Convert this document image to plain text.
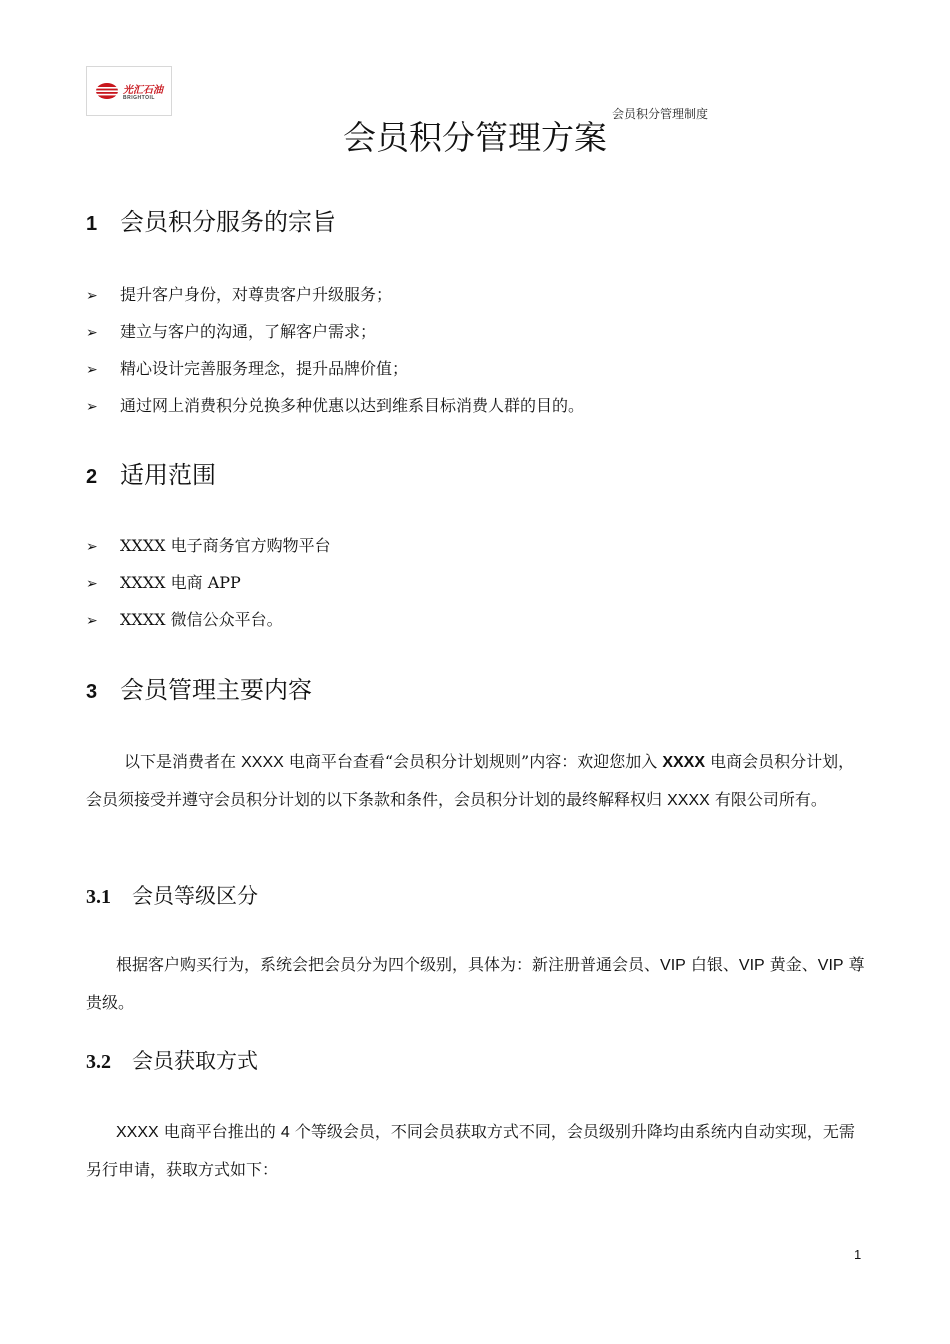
光汇石油
BRIGHTOIL
会员积分管理制度
会员积分管理方案
1 会员积分服务的宗旨
➢ 提升客户身份，对尊贵客户升级服务；
➢ 建立与客户的沟通，了解客户需求；
➢ 精心设计完善服务理念，提升品牌价值；
➢ 通过网上消费积分兑换多种优惠以达到维系目标消费人群的目的。
2 适用范围
➢ XXXX 电子商务官方购物平台
➢ XXXX 电商 APP
➢ XXXX 微信公众平台。
3 会员管理主要内容

以下是消费者在 XXXX 电商平台查看“会员积分计划规则”内容：欢迎您加入 XXXX 电商会员积分计划，会员须接受并遵守会员积分计划的以下条款和条件，会员积分计划的最终解释权归 XXXX 有限公司所有。

3.1 会员等级区分

根据客户购买行为，系统会把会员分为四个级别，具体为：新注册普通会员、VIP 白银、VIP 黄金、VIP 尊贵级。

3.2 会员获取方式

XXXX 电商平台推出的 4 个等级会员，不同会员获取方式不同，会员级别升降均由系统内自动实现，无需另行申请，获取方式如下：

1
